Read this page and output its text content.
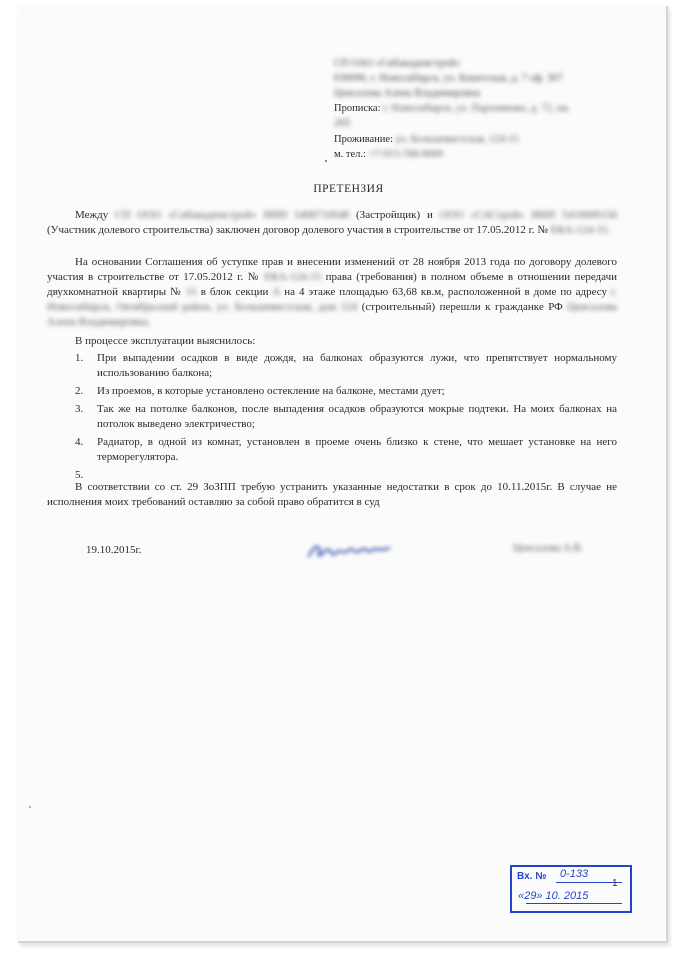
СП ОАО «Сибакадемстрой»
630090, г. Новосибирск, ул. Кинетская, д. 7 оф. 307
Ценсалова Алена Владимировна
Прописка: г. Новосибирск, ул. Пархоменко, д. 72, кв.
203
Проживание: ул. Большевистская, 124-15
м. тел.: +7-913-768-9009
ПРЕТЕНЗИЯ
Между СП ООО «Сибакадемстрой» ИНН 5406710048 (Застройщик) и ООО «САСтрой» ИНН 5410000156 (Участник долевого строительства) заключен договор долевого участия в строительстве от 17.05.2012 г. № ЕКА-124-15.
На основании Соглашения об уступке прав и внесении изменений от 28 ноября 2013 года по договору долевого участия в строительстве от 17.05.2012 г. № ЕКА-124-15 права (требования) в полном объеме в отношении передачи двухкомнатной квартиры № 15 в блок секции А на 4 этаже площадью 63,68 кв.м, расположенной в доме по адресу г. Новосибирск, Октябрьский район, ул. Большевистская, дом 124 (строительный) перешли к гражданке РФ Ценсалова Алена Владимировна.
В процессе эксплуатации выяснилось:
1. При выпадении осадков в виде дождя, на балконах образуются лужи, что препятствует нормальному использованию балкона;
2. Из проемов, в которые установлено остекление на балконе, местами дует;
3. Так же на потолке балконов, после выпадения осадков образуются мокрые подтеки. На моих балконах на потолок выведено электричество;
4. Радиатор, в одной из комнат, установлен в проеме очень близко к стене, что мешает установке на него терморегулятора.
5.
В соответствии со ст. 29 ЗоЗПП требую устранить указанные недостатки в срок до 10.11.2015г. В случае не исполнения моих требований оставляю за собой право обратится в суд
19.10.2015г.	Ценсалова А.В.
Вх. № 0-133
1
«29» 10. 2015
